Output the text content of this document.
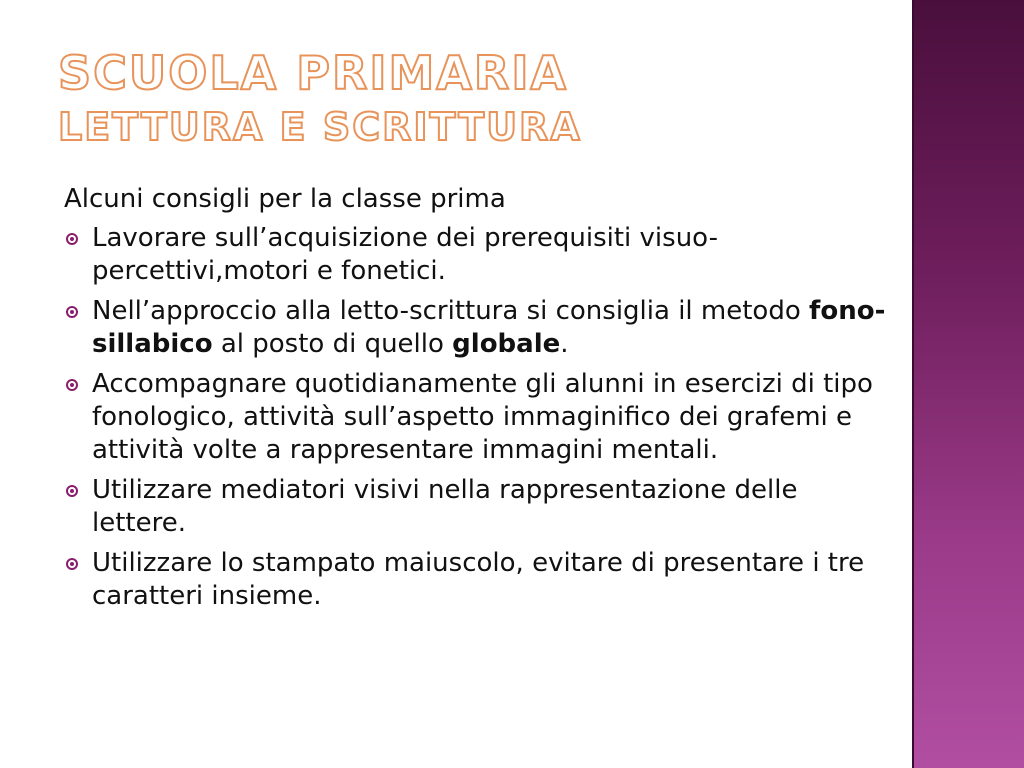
SCUOLA PRIMARIA
LETTURA E SCRITTURA

Alcuni consigli per la classe prima

Lavorare sull’acquisizione dei prerequisiti visuo-percettivi,motori e fonetici.
Nell’approccio alla letto-scrittura si consiglia il metodo fono-sillabico al posto di quello globale.
Accompagnare quotidianamente gli alunni in esercizi di tipo fonologico, attività sull’aspetto immaginifico dei grafemi e attività volte a rappresentare immagini mentali.
Utilizzare mediatori visivi nella rappresentazione delle lettere.
Utilizzare lo stampato maiuscolo, evitare di presentare i tre caratteri insieme.
